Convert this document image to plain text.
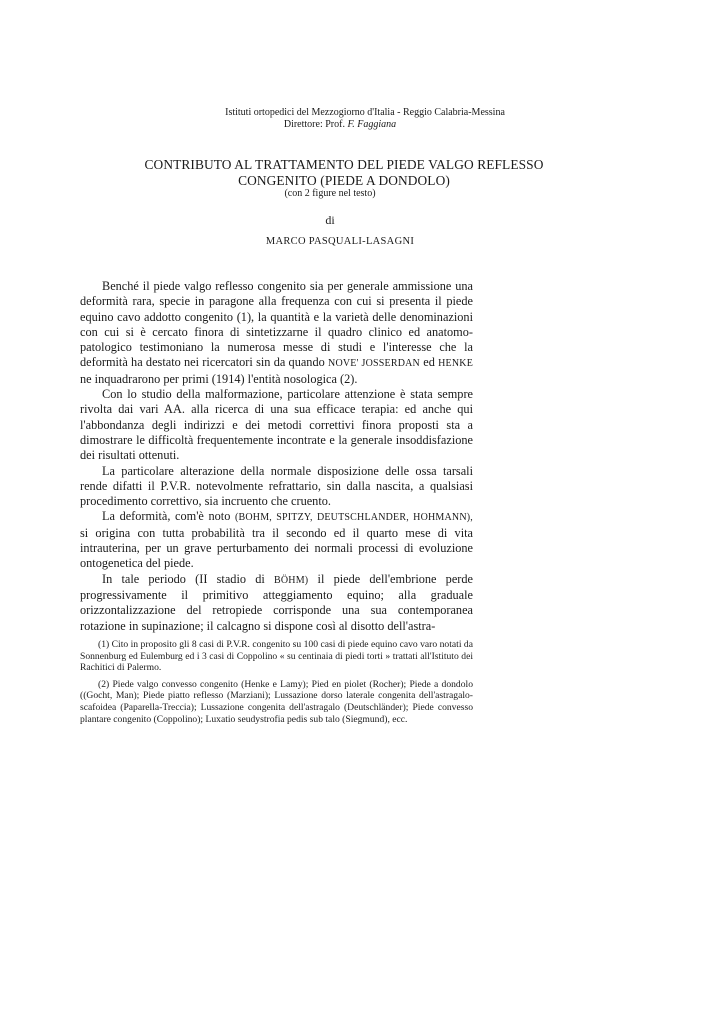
Istituti ortopedici del Mezzogiorno d'Italia - Reggio Calabria-Messina
Direttore: Prof. F. Faggiana
CONTRIBUTO AL TRATTAMENTO DEL PIEDE VALGO REFLESSO
CONGENITO (PIEDE A DONDOLO)
(con 2 figure nel testo)
di
MARCO PASQUALI-LASAGNI

Benché il piede valgo reflesso congenito sia per generale ammissione una deformità rara, specie in paragone alla frequenza con cui si presenta il piede equino cavo addotto congenito (1), la quantità e la varietà delle denominazioni con cui si è cercato finora di sintetizzarne il quadro clinico ed anatomo-patologico testimoniano la numerosa messe di studi e l'interesse che la deformità ha destato nei ricercatori sin da quando NOVE' JOSSERDAN ed HENKE ne inquadrarono per primi (1914) l'entità nosologica (2).

Con lo studio della malformazione, particolare attenzione è stata sempre rivolta dai vari AA. alla ricerca di una sua efficace terapia: ed anche qui l'abbondanza degli indirizzi e dei metodi correttivi finora proposti sta a dimostrare le difficoltà frequentemente incontrate e la generale insoddisfazione dei risultati ottenuti.

La particolare alterazione della normale disposizione delle ossa tarsali rende difatti il P.V.R. notevolmente refrattario, sin dalla nascita, a qualsiasi procedimento correttivo, sia incruento che cruento.

La deformità, com'è noto (BOHM, SPITZY, DEUTSCHLANDER, HOHMANN), si origina con tutta probabilità tra il secondo ed il quarto mese di vita intrauterina, per un grave perturbamento dei normali processi di evoluzione ontogenetica del piede.

In tale periodo (II stadio di BÖHM) il piede dell'embrione perde progressivamente il primitivo atteggiamento equino; alla graduale orizzontalizzazione del retropiede corrisponde una sua contemporanea rotazione in supinazione; il calcagno si dispone così al disotto dell'astra-

(1) Cito in proposito gli 8 casi di P.V.R. congenito su 100 casi di piede equino cavo varo notati da Sonnenburg ed Eulemburg ed i 3 casi di Coppolino « su centinaia di piedi torti » trattati all'Istituto dei Rachitici di Palermo.

(2) Piede valgo convesso congenito (Henke e Lamy); Pied en piolet (Rocher); Piede a dondolo ((Gocht, Man); Piede piatto reflesso (Marziani); Lussazione dorso laterale congenita dell'astragalo-scafoidea (Paparella-Treccia); Lussazione congenita dell'astragalo (Deutschländer); Piede convesso plantare congenito (Coppolino); Luxatio seudystrofia pedis sub talo (Siegmund), ecc.
